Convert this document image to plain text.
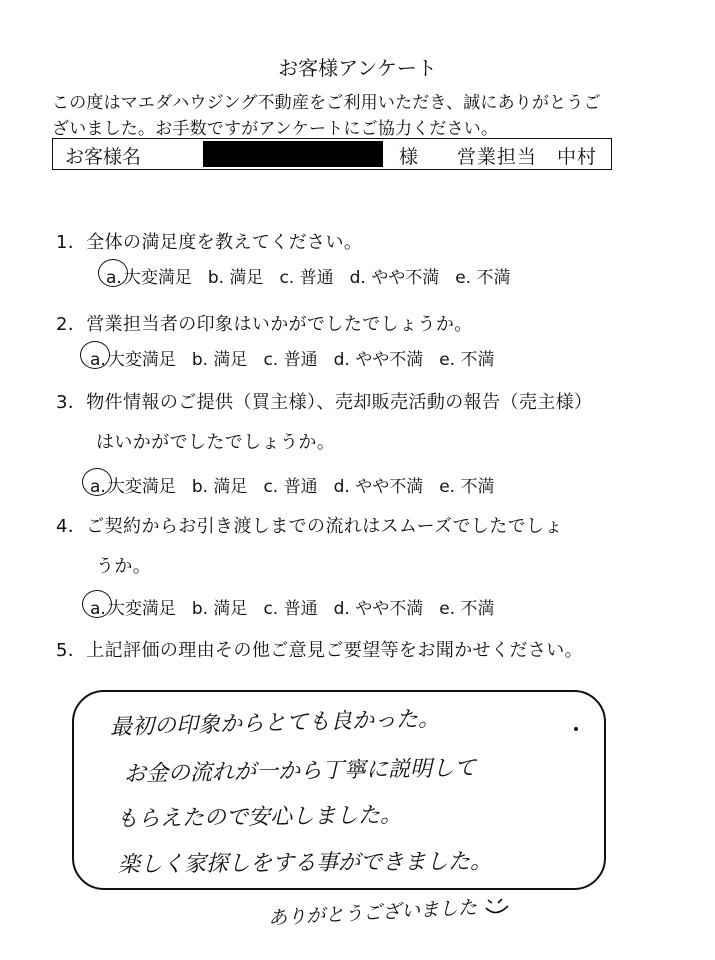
お客様アンケート
この度はマエダハウジング不動産をご利用いただき、誠にありがとうご
ざいました。お手数ですがアンケートにご協力ください。
お客様名	様 営業担当　中村
1．全体の満足度を教えてください。
a. 大変満足 b. 満足 c. 普通 d. やや不満 e. 不満
2．営業担当者の印象はいかがでしたでしょうか。
a. 大変満足 b. 満足 c. 普通 d. やや不満 e. 不満
3．物件情報のご提供（買主様）、売却販売活動の報告（売主様）
はいかがでしたでしょうか。
a. 大変満足 b. 満足 c. 普通 d. やや不満 e. 不満
4．ご契約からお引き渡しまでの流れはスムーズでしたでしょ
うか。
a. 大変満足 b. 満足 c. 普通 d. やや不満 e. 不満
5．上記評価の理由その他ご意見ご要望等をお聞かせください。
最初の印象からとても良かった。
お金の流れが一から丁寧に説明して
もらえたので安心しました。
楽しく家探しをする事ができました。
ありがとうございました
